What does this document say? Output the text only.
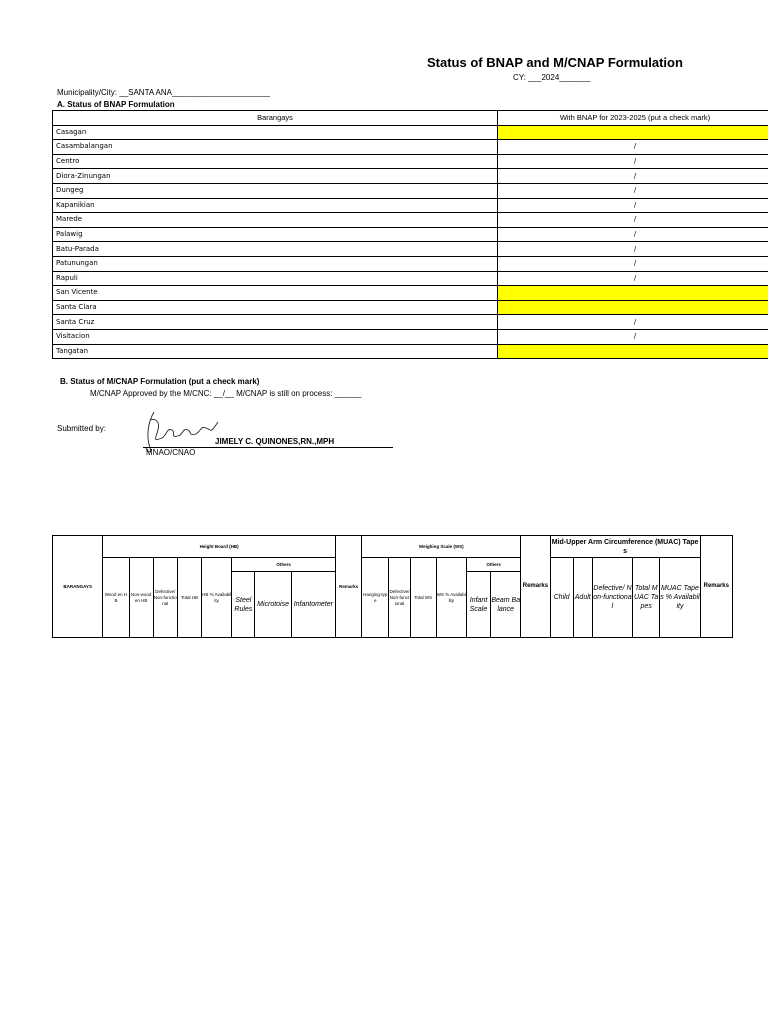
Status of BNAP and M/CNAP Formulation
CY: ___2024_______
Municipality/City: __SANTA ANA______________________
A. Status of BNAP Formulation
Barangays	With BNAP for 2023-2025 (put a check mark)
Casagan	
Casambalangan	/
Centro	/
Diora-Zinungan	/
Dungeg	/
Kapanikian	/
Marede	/
Palawig	/
Batu-Parada	/
Patunungan	/
Rapuli	/
San Vicente	
Santa Clara	
Santa Cruz	/
Visitacion	/
Tangatan	
B. Status of M/CNAP Formulation (put a check mark)
M/CNAP Approved by the M/CNC: __/__ M/CNAP is still on process: ______
Submitted by:
JIMELY C. QUINONES,RN.,MPH
MNAO/CNAO
BARANGAYS	Height Board (HB)								Remarks	Weighing Scale (WS)						Remarks	Mid-Upper Arm Circumference (MUAC) Tapes					Remarks
	Wood en HB	Non-wood en HB	Defective/ Non-functional	Total HB	HB % Availability	Others				Hanging-type	Defective/ Non-functional	Total WS	WS % Availability	Others			Child	Adult	Defective/ Non-functional	Total MUAC Tapes	MUAC Tapes % Availability	
						Steel Rules	Microtoise	Infantometer						Infant Scale	Beam Balance							
